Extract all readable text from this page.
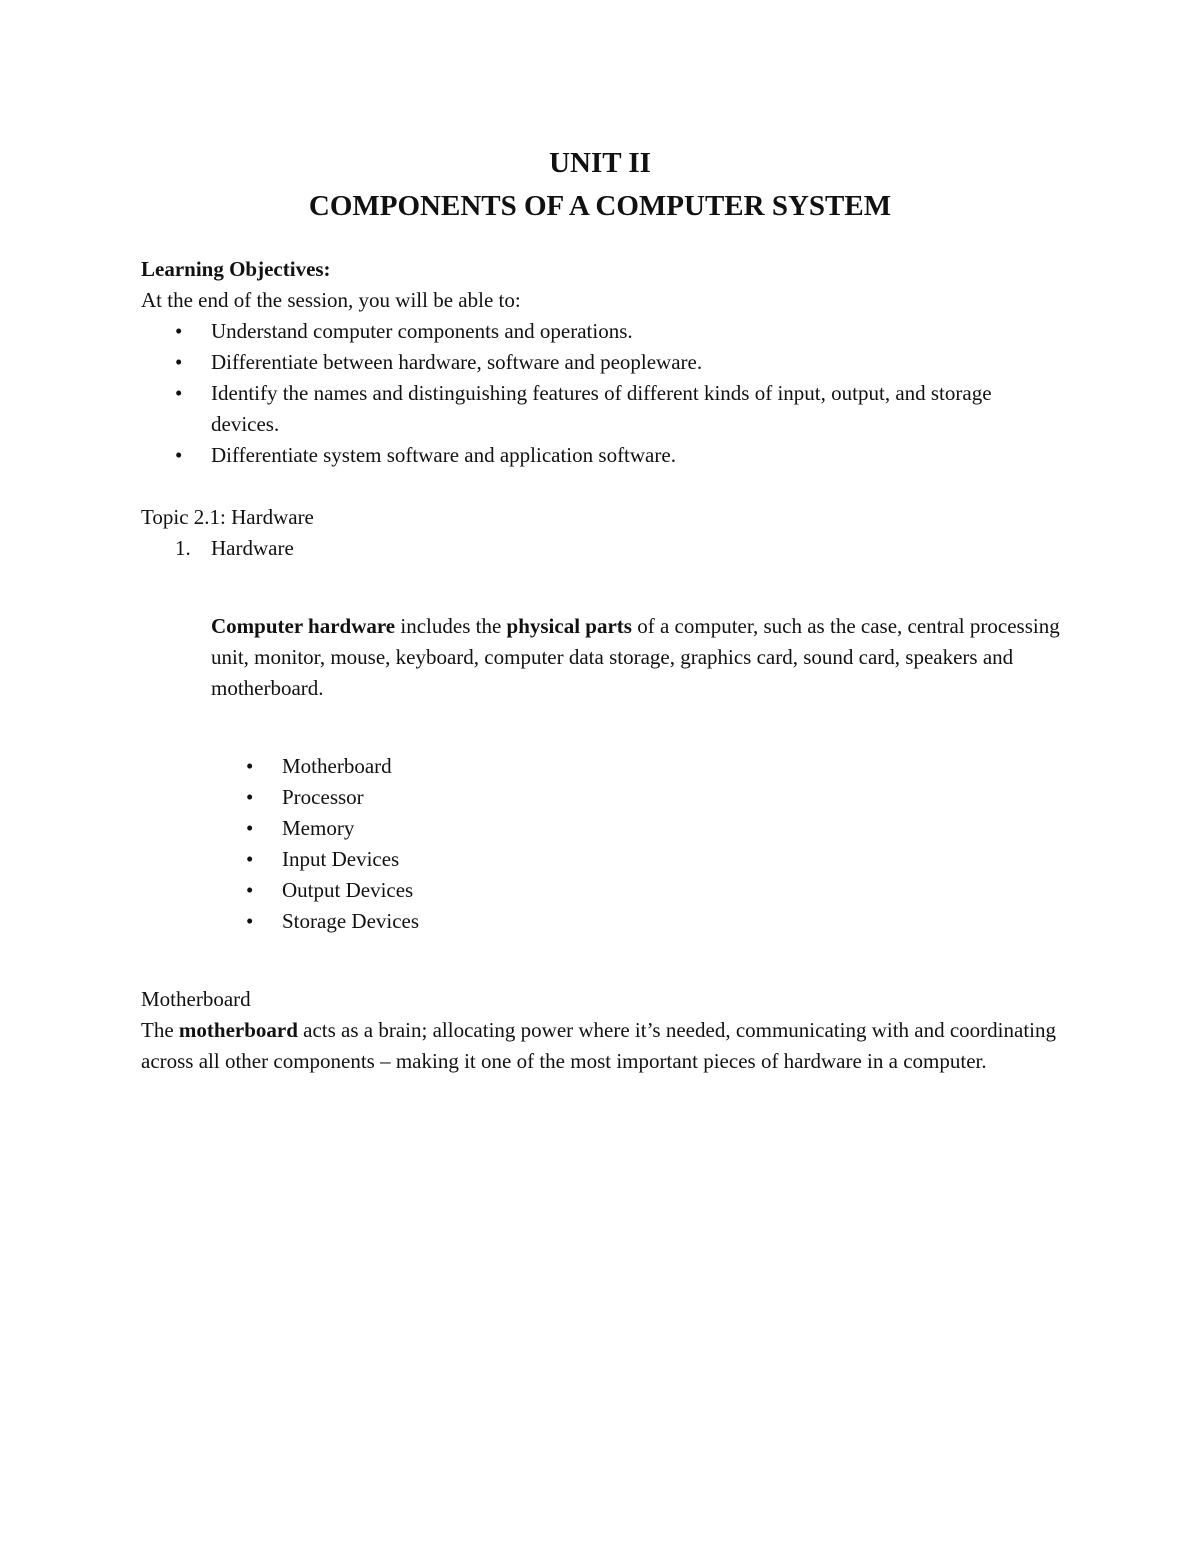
UNIT II
COMPONENTS OF A COMPUTER SYSTEM

Learning Objectives:

At the end of the session, you will be able to:

• Understand computer components and operations.
• Differentiate between hardware, software and peopleware.
• Identify the names and distinguishing features of different kinds of input, output, and storage devices.
• Differentiate system software and application software.

Topic 2.1: Hardware

1. Hardware

Computer hardware includes the physical parts of a computer, such as the case, central processing unit, monitor, mouse, keyboard, computer data storage, graphics card, sound card, speakers and motherboard.

• Motherboard
• Processor
• Memory
• Input Devices
• Output Devices
• Storage Devices

Motherboard

The motherboard acts as a brain; allocating power where it’s needed, communicating with and coordinating across all other components – making it one of the most important pieces of hardware in a computer.
